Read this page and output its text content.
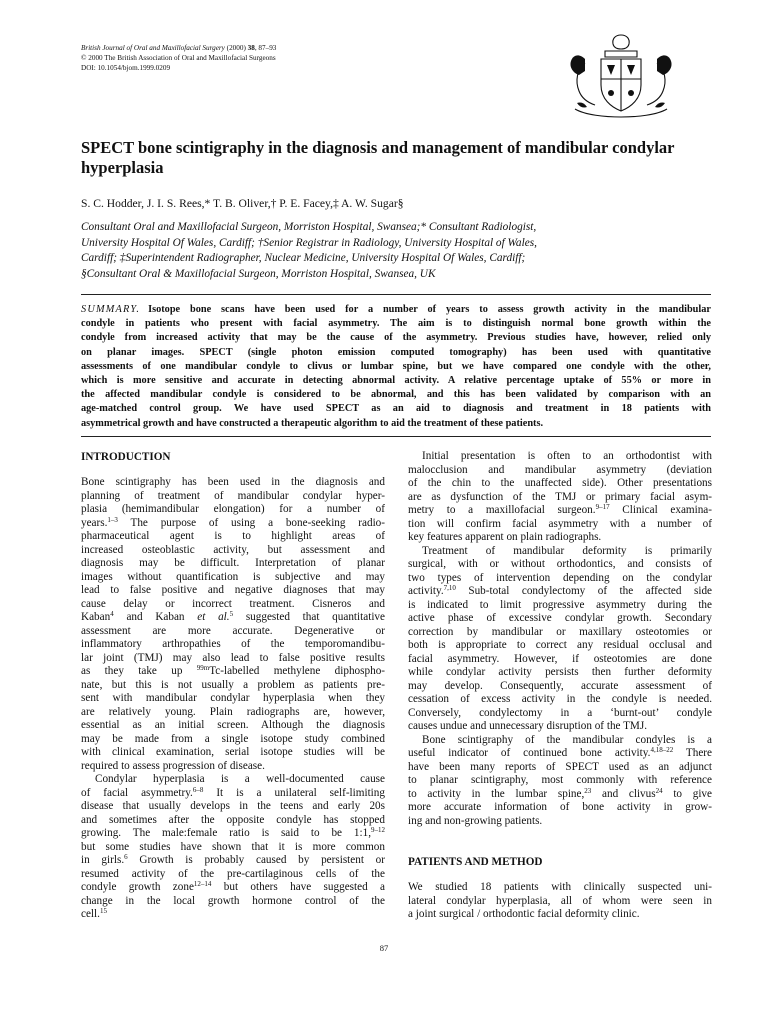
British Journal of Oral and Maxillofacial Surgery (2000) 38, 87–93
© 2000 The British Association of Oral and Maxillofacial Surgeons
DOI: 10.1054/bjom.1999.0209
SPECT bone scintigraphy in the diagnosis and management of mandibular condylar hyperplasia
S. C. Hodder, J. I. S. Rees,* T. B. Oliver,† P. E. Facey,‡ A. W. Sugar§
Consultant Oral and Maxillofacial Surgeon, Morriston Hospital, Swansea;* Consultant Radiologist,
University Hospital Of Wales, Cardiff; †Senior Registrar in Radiology, University Hospital of Wales,
Cardiff; ‡Superintendent Radiographer, Nuclear Medicine, University Hospital Of Wales, Cardiff;
§Consultant Oral & Maxillofacial Surgeon, Morriston Hospital, Swansea, UK
SUMMARY. Isotope bone scans have been used for a number of years to assess growth activity in the mandibular
condyle in patients who present with facial asymmetry. The aim is to distinguish normal bone growth within the
condyle from increased activity that may be the cause of the asymmetry. Previous studies have, however, relied only
on planar images. SPECT (single photon emission computed tomography) has been used with quantitative
assessments of one mandibular condyle to clivus or lumbar spine, but we have compared one condyle with the other,
which is more sensitive and accurate in detecting abnormal activity. A relative percentage uptake of 55% or more in
the affected mandibular condyle is considered to be abnormal, and this has been validated by comparison with an
age-matched control group. We have used SPECT as an aid to diagnosis and treatment in 18 patients with
asymmetrical growth and have constructed a therapeutic algorithm to aid the treatment of these patients.
INTRODUCTION
Bone scintigraphy has been used in the diagnosis and
planning of treatment of mandibular condylar hyper-
plasia (hemimandibular elongation) for a number of
years.$^{1-3}$ The purpose of using a bone-seeking radio-
pharmaceutical agent is to highlight areas of
increased osteoblastic activity, but assessment and
diagnosis may be difficult. Interpretation of planar
images without quantification is subjective and may
lead to false positive and negative diagnoses that may
cause delay or incorrect treatment. Cisneros and
Kaban$^4$ and Kaban et al.$^5$ suggested that quantitative
assessment are more accurate. Degenerative or
inflammatory arthropathies of the temporomandibu-
lar joint (TMJ) may also lead to false positive results
as they take up $^{99m}$Tc-labelled methylene diphospho-
nate, but this is not usually a problem as patients pre-
sent with mandibular condylar hyperplasia when they
are relatively young. Plain radiographs are, however,
essential as an initial screen. Although the diagnosis
may be made from a single isotope study combined
with clinical examination, serial isotope studies will be
required to assess progression of disease.
Condylar hyperplasia is a well-documented cause
of facial asymmetry.$^{6-8}$ It is a unilateral self-limiting
disease that usually develops in the teens and early 20s
and sometimes after the opposite condyle has stopped
growing. The male:female ratio is said to be 1:1,$^{9-12}$
but some studies have shown that it is more common
in girls.$^6$ Growth is probably caused by persistent or
resumed activity of the pre-cartilaginous cells of the
condyle growth zone$^{12-14}$ but others have suggested a
change in the local growth hormone control of the
cell.$^{15}$
Initial presentation is often to an orthodontist with
malocclusion and mandibular asymmetry (deviation
of the chin to the unaffected side). Other presentations
are as dysfunction of the TMJ or primary facial asym-
metry to a maxillofacial surgeon.$^{9-17}$ Clinical examina-
tion will confirm facial asymmetry with a number of
key features apparent on plain radiographs.
Treatment of mandibular deformity is primarily
surgical, with or without orthodontics, and consists of
two types of intervention depending on the condylar
activity.$^{7,10}$ Sub-total condylectomy of the affected side
is indicated to limit progressive asymmetry during the
active phase of excessive condylar growth. Secondary
correction by mandibular or maxillary osteotomies or
both is appropriate to correct any residual occlusal and
facial asymmetry. However, if osteotomies are done
while condylar activity persists then further deformity
may develop. Consequently, accurate assessment of
cessation of excess activity in the condyle is needed.
Conversely, condylectomy in a ‘burnt-out’ condyle
causes undue and unnecessary disruption of the TMJ.
Bone scintigraphy of the mandibular condyles is a
useful indicator of continued bone activity.$^{4,18-22}$ There
have been many reports of SPECT used as an adjunct
to planar scintigraphy, most commonly with reference
to activity in the lumbar spine,$^{23}$ and clivus$^{24}$ to give
more accurate information of bone activity in grow-
ing and non-growing patients.
PATIENTS AND METHOD
We studied 18 patients with clinically suspected uni-
lateral condylar hyperplasia, all of whom were seen in
a joint surgical / orthodontic facial deformity clinic.
87
